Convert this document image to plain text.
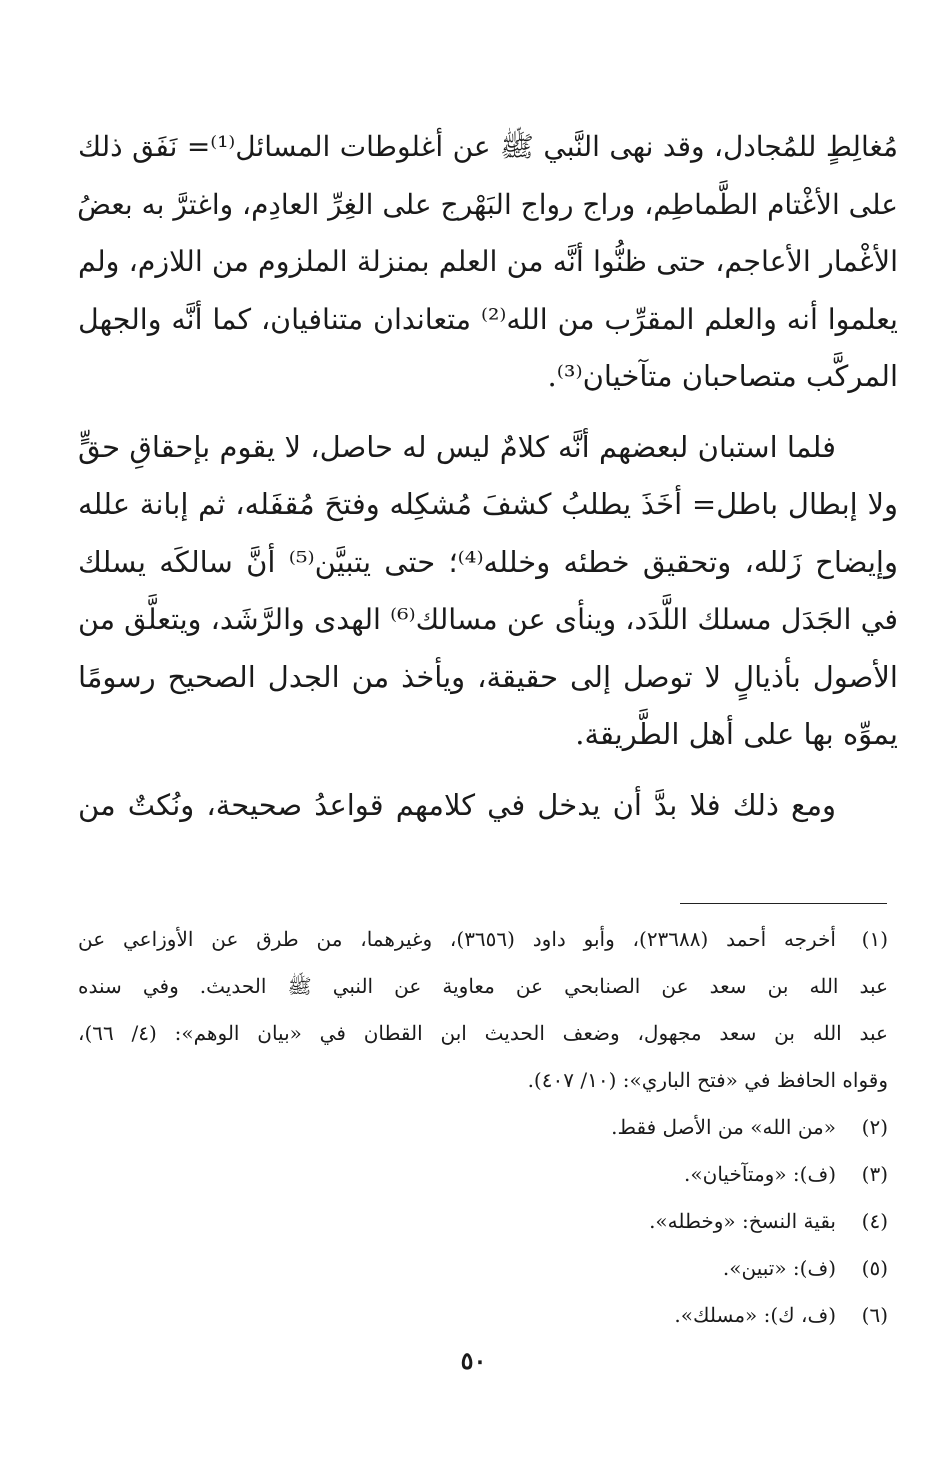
مُغالِطٍ للمُجادل، وقد نهى النَّبي ﷺ عن أغلوطات المسائل⁽¹⁾= نَفَق ذلك
على الأغْتام الطَّماطِم، وراج رواج البَهْرج على الغِرِّ العادِم، واغترَّ به بعضُ
الأغْمار الأعاجم، حتى ظنُّوا أنَّه من العلم بمنزلة الملزوم من اللازم، ولم
يعلموا أنه والعلم المقرِّب من الله⁽²⁾ متعاندان متنافيان، كما أنَّه والجهل
المركَّب متصاحبان متآخيان⁽³⁾.
فلما استبان لبعضهم أنَّه كلامٌ ليس له حاصل، لا يقوم بإحقاقِ حقٍّ
ولا إبطال باطل= أخَذَ يطلبُ كشفَ مُشكِله وفتحَ مُقفَله، ثم إبانة علله
وإيضاح زَلله، وتحقيق خطئه وخلله⁽⁴⁾؛ حتى يتبيَّن⁽⁵⁾ أنَّ سالكَه يسلك
في الجَدَل مسلك اللَّدَد، وينأى عن مسالك⁽⁶⁾ الهدى والرَّشَد، ويتعلَّق من
الأصول بأذيالٍ لا توصل إلى حقيقة، ويأخذ من الجدل الصحيح رسومًا
يموِّه بها على أهل الطَّريقة.
ومع ذلك فلا بدَّ أن يدخل في كلامهم قواعدُ صحيحة، ونُكتٌ من
(١)
أخرجه أحمد (٢٣٦٨٨)، وأبو داود (٣٦٥٦)، وغيرهما، من طرق عن الأوزاعي عن
عبد الله بن سعد عن الصنابحي عن معاوية عن النبي ﷺ الحديث. وفي سنده
عبد الله بن سعد مجهول، وضعف الحديث ابن القطان في «بيان الوهم»: (٤/ ٦٦)،
وقواه الحافظ في «فتح الباري»: (١٠/ ٤٠٧).
(٢)
«من الله» من الأصل فقط.
(٣)
(ف): «ومتآخيان».
(٤)
بقية النسخ: «وخطله».
(٥)
(ف): «تبين».
(٦)
(ف، ك): «مسلك».
٥٠
